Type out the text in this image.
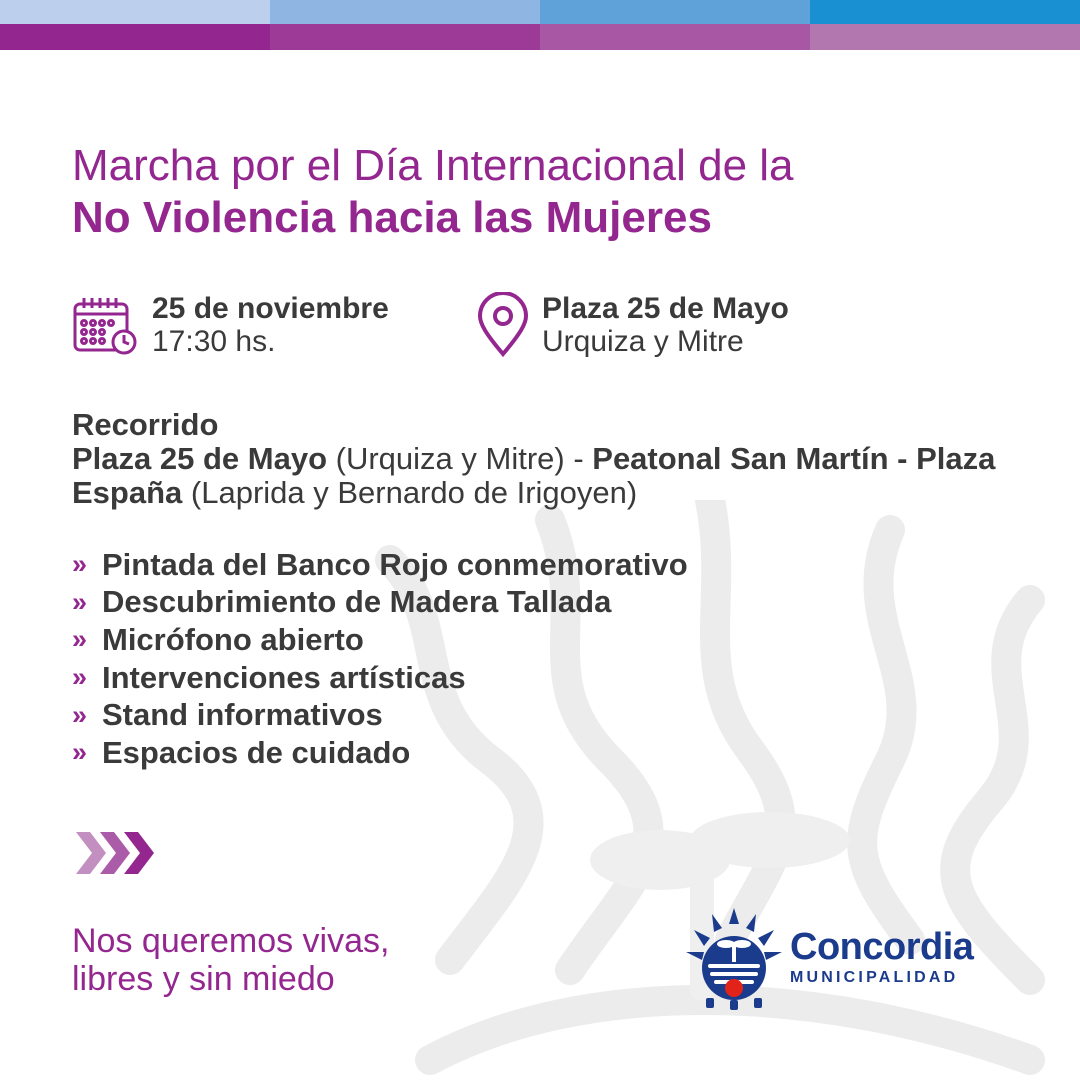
Marcha por el Día Internacional de la
No Violencia hacia las Mujeres
25 de noviembre
17:30 hs.
Plaza 25 de Mayo
Urquiza y Mitre
Recorrido
Plaza 25 de Mayo (Urquiza y Mitre) - Peatonal San Martín - Plaza España (Laprida y Bernardo de Irigoyen)
›› Pintada del Banco Rojo conmemorativo
›› Descubrimiento de Madera Tallada
›› Micrófono abierto
›› Intervenciones artísticas
›› Stand informativos
›› Espacios de cuidado
Nos queremos vivas,
libres y sin miedo
Concordia
MUNICIPALIDAD
